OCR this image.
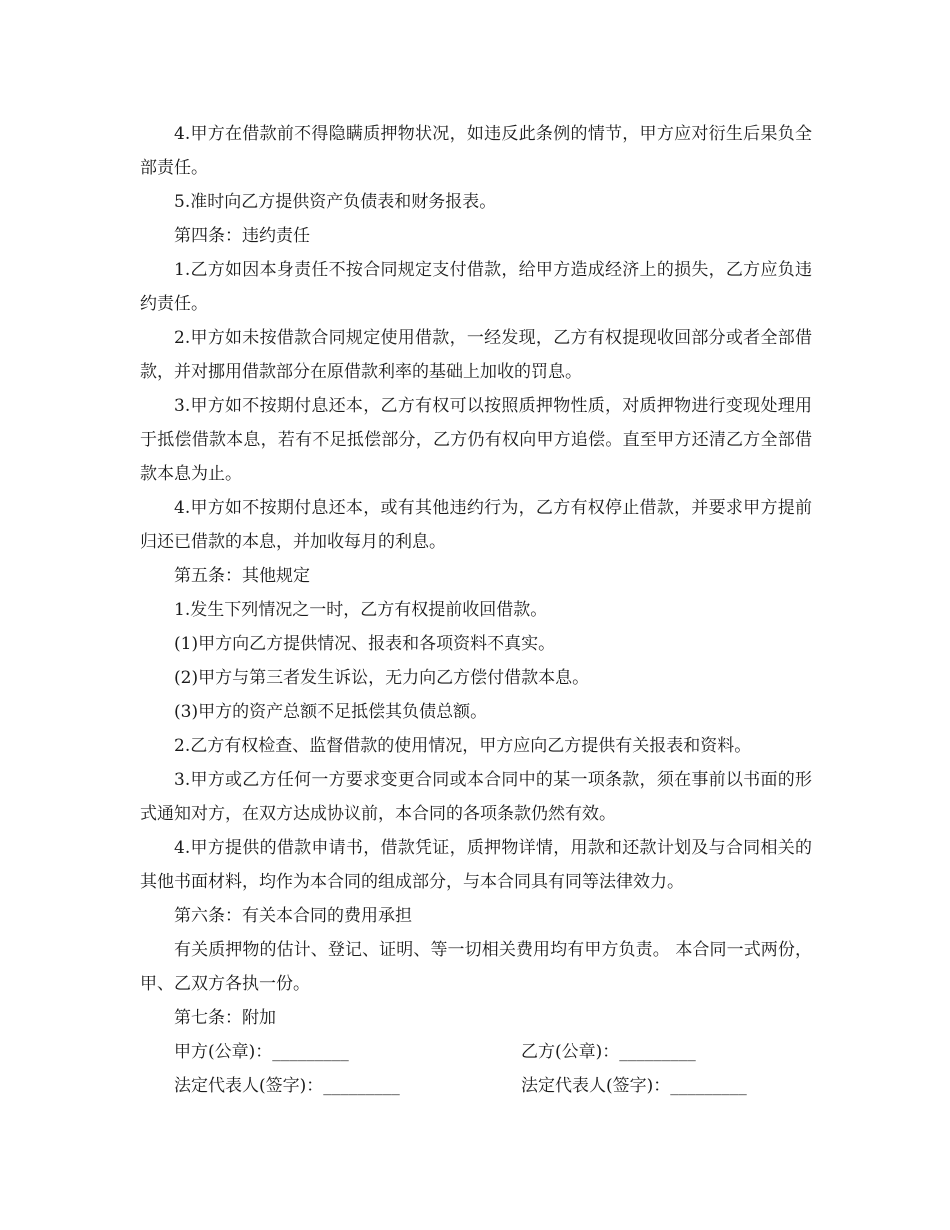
4.甲方在借款前不得隐瞒质押物状况，如违反此条例的情节，甲方应对衍生后果负全部责任。

5.准时向乙方提供资产负债表和财务报表。

第四条：违约责任

1.乙方如因本身责任不按合同规定支付借款，给甲方造成经济上的损失，乙方应负违约责任。

2.甲方如未按借款合同规定使用借款，一经发现，乙方有权提现收回部分或者全部借款，并对挪用借款部分在原借款利率的基础上加收的罚息。

3.甲方如不按期付息还本，乙方有权可以按照质押物性质，对质押物进行变现处理用于抵偿借款本息，若有不足抵偿部分，乙方仍有权向甲方追偿。直至甲方还清乙方全部借款本息为止。

4.甲方如不按期付息还本，或有其他违约行为，乙方有权停止借款，并要求甲方提前归还已借款的本息，并加收每月的利息。

第五条：其他规定

1.发生下列情况之一时，乙方有权提前收回借款。

(1)甲方向乙方提供情况、报表和各项资料不真实。

(2)甲方与第三者发生诉讼，无力向乙方偿付借款本息。

(3)甲方的资产总额不足抵偿其负债总额。

2.乙方有权检查、监督借款的使用情况，甲方应向乙方提供有关报表和资料。

3.甲方或乙方任何一方要求变更合同或本合同中的某一项条款，须在事前以书面的形式通知对方，在双方达成协议前，本合同的各项条款仍然有效。

4.甲方提供的借款申请书，借款凭证，质押物详情，用款和还款计划及与合同相关的其他书面材料，均作为本合同的组成部分，与本合同具有同等法律效力。

第六条：有关本合同的费用承担

有关质押物的估计、登记、证明、等一切相关费用均有甲方负责。 本合同一式两份，甲、乙双方各执一份。

第七条：附加

甲方(公章)：_________	乙方(公章)：_________
法定代表人(签字)：_________	法定代表人(签字)：_________
